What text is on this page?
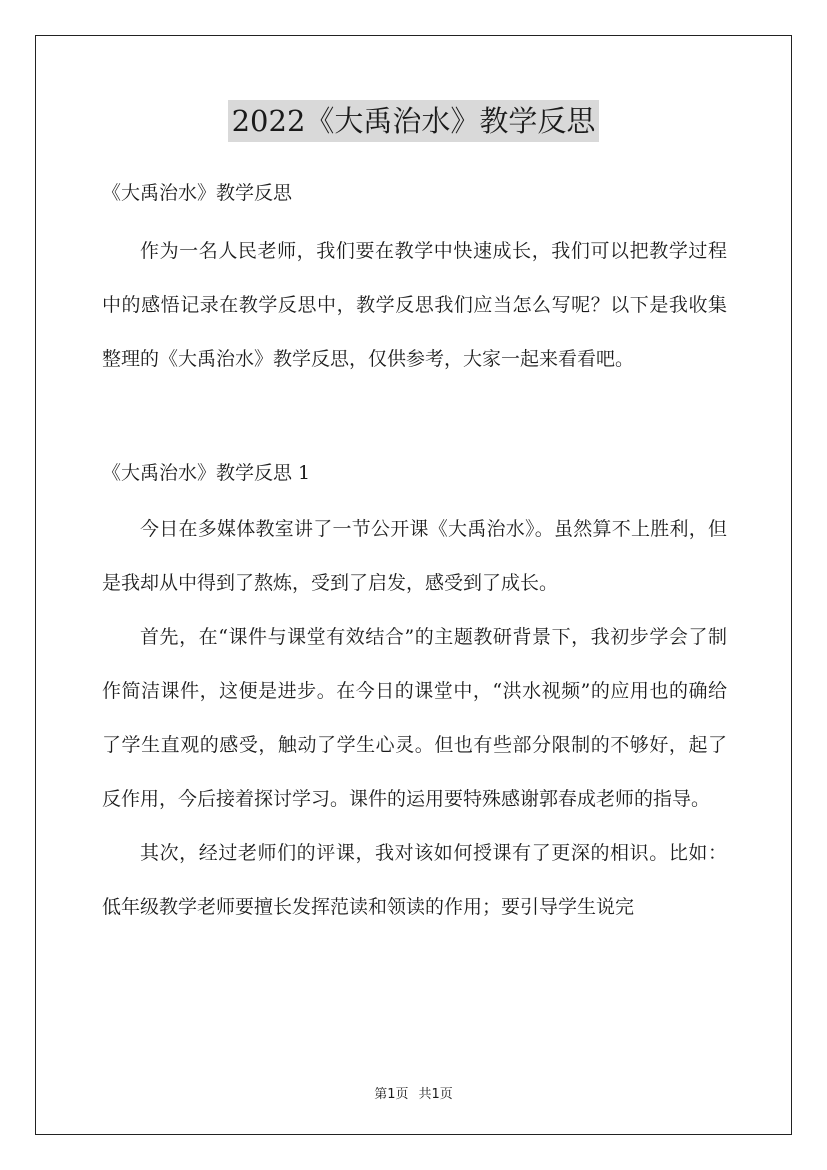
2022《大禹治水》教学反思

《大禹治水》教学反思

作为一名人民老师，我们要在教学中快速成长，我们可以把教学过程中的感悟记录在教学反思中，教学反思我们应当怎么写呢？以下是我收集整理的《大禹治水》教学反思，仅供参考，大家一起来看看吧。

《大禹治水》教学反思 1

今日在多媒体教室讲了一节公开课《大禹治水》。虽然算不上胜利，但是我却从中得到了熬炼，受到了启发，感受到了成长。

首先，在“课件与课堂有效结合”的主题教研背景下，我初步学会了制作简洁课件，这便是进步。在今日的课堂中，“洪水视频”的应用也的确给了学生直观的感受，触动了学生心灵。但也有些部分限制的不够好，起了反作用，今后接着探讨学习。课件的运用要特殊感谢郭春成老师的指导。

其次，经过老师们的评课，我对该如何授课有了更深的相识。比如：低年级教学老师要擅长发挥范读和领读的作用；要引导学生说完

第1页 共1页
